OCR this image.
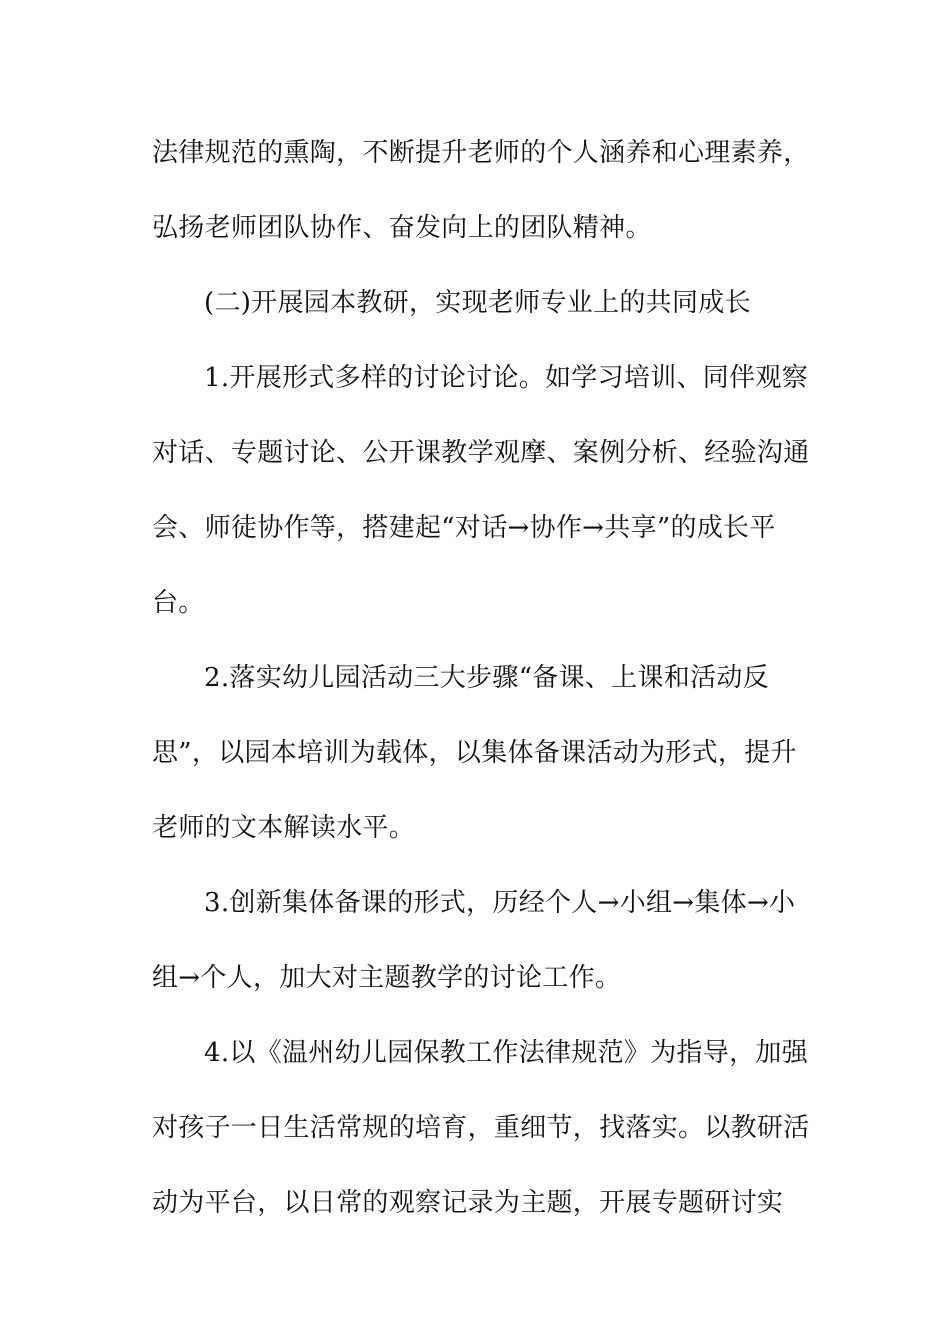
法律规范的熏陶，不断提升老师的个人涵养和心理素养，
弘扬老师团队协作、奋发向上的团队精神。
(二)开展园本教研，实现老师专业上的共同成长
1.开展形式多样的讨论讨论。如学习培训、同伴观察
对话、专题讨论、公开课教学观摩、案例分析、经验沟通
会、师徒协作等，搭建起“对话→协作→共享”的成长平
台。
2.落实幼儿园活动三大步骤“备课、上课和活动反
思”，以园本培训为载体，以集体备课活动为形式，提升
老师的文本解读水平。
3.创新集体备课的形式，历经个人→小组→集体→小
组→个人，加大对主题教学的讨论工作。
4.以《温州幼儿园保教工作法律规范》为指导，加强
对孩子一日生活常规的培育，重细节，找落实。以教研活
动为平台，以日常的观察记录为主题，开展专题研讨实
